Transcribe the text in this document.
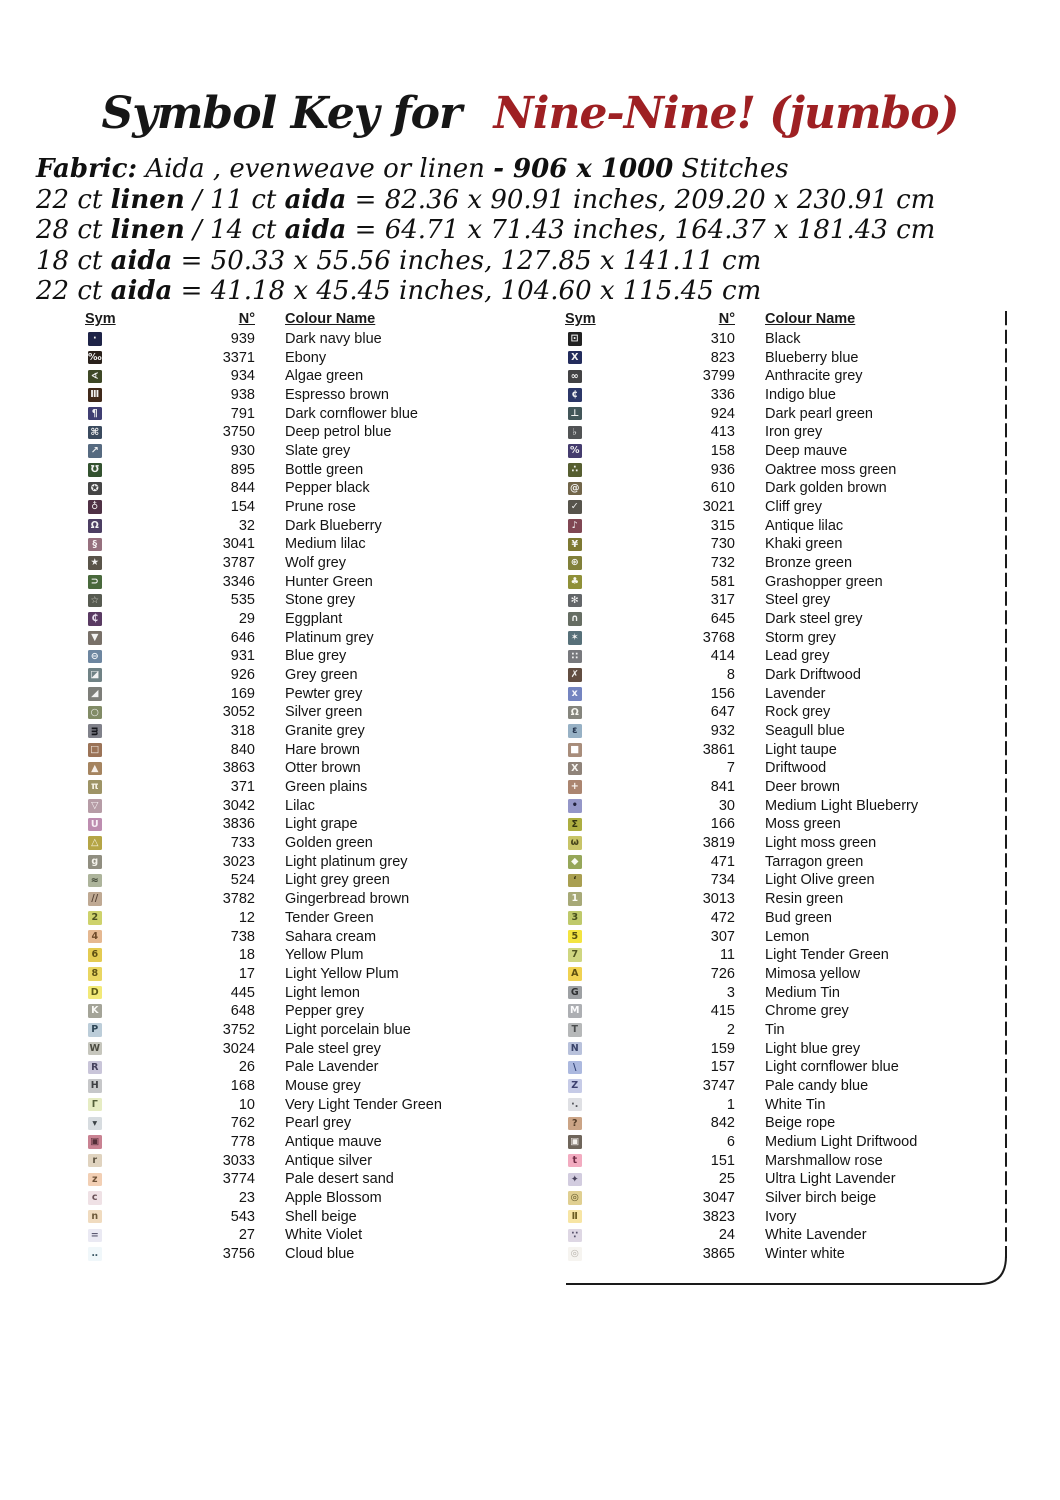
Symbol Key for Nine-Nine! (jumbo)
Fabric: Aida , evenweave or linen - 906 x 1000 Stitches
22 ct linen / 11 ct aida = 82.36 x 90.91 inches, 209.20 x 230.91 cm
28 ct linen / 14 ct aida = 64.71 x 71.43 inches, 164.37 x 181.43 cm
18 ct aida = 50.33 x 55.56 inches, 127.85 x 141.11 cm
22 ct aida = 41.18 x 45.45 inches, 104.60 x 115.45 cm
Sym	N° Colour Name
·	939 Dark navy blue
‰	3371 Ebony
∢	934 Algae green
Ⅲ	938 Espresso brown
¶	791 Dark cornflower blue
⌘	3750 Deep petrol blue
↗	930 Slate grey
℧	895 Bottle green
✪	844 Pepper black
♁	154 Prune rose
Ω	32 Dark Blueberry
§	3041 Medium lilac
★	3787 Wolf grey
⊃	3346 Hunter Green
☆	535 Stone grey
₵	29 Eggplant
▼	646 Platinum grey
⊖	931 Blue grey
◪	926 Grey green
◢	169 Pewter grey
○	3052 Silver green
ᴟ	318 Granite grey
□	840 Hare brown
▲	3863 Otter brown
π	371 Green plains
▽	3042 Lilac
U	3836 Light grape
△	733 Golden green
g	3023 Light platinum grey
≈	524 Light grey green
//	3782 Gingerbread brown
2	12 Tender Green
4	738 Sahara cream
6	18 Yellow Plum
8	17 Light Yellow Plum
D	445 Light lemon
K	648 Pepper grey
P	3752 Light porcelain blue
W	3024 Pale steel grey
R	26 Pale Lavender
H	168 Mouse grey
Γ	10 Very Light Tender Green
▾	762 Pearl grey
▣	778 Antique mauve
r	3033 Antique silver
z	3774 Pale desert sand
c	23 Apple Blossom
n	543 Shell beige
=	27 White Violet
‥	3756 Cloud blue
Sym	N° Colour Name
⊡	310 Black
X	823 Blueberry blue
∞	3799 Anthracite grey
¢	336 Indigo blue
⊥	924 Dark pearl green
♭	413 Iron grey
%	158 Deep mauve
∴	936 Oaktree moss green
@	610 Dark golden brown
✓	3021 Cliff grey
♪	315 Antique lilac
¥	730 Khaki green
⊛	732 Bronze green
♣	581 Grashopper green
✻	317 Steel grey
∩	645 Dark steel grey
✶	3768 Storm grey
∷	414 Lead grey
✗	8 Dark Driftwood
x	156 Lavender
Ω	647 Rock grey
ε	932 Seagull blue
■	3861 Light taupe
Ⅹ	7 Driftwood
+	841 Deer brown
•	30 Medium Light Blueberry
Σ	166 Moss green
ω	3819 Light moss green
◆	471 Tarragon green
ʻ	734 Light Olive green
1	3013 Resin green
3	472 Bud green
5	307 Lemon
7	11 Light Tender Green
A	726 Mimosa yellow
G	3 Medium Tin
M	415 Chrome grey
T	2 Tin
N	159 Light blue grey
\	157 Light cornflower blue
Z	3747 Pale candy blue
·.	1 White Tin
?	842 Beige rope
▣	6 Medium Light Driftwood
t	151 Marshmallow rose
✦	25 Ultra Light Lavender
◎	3047 Silver birch beige
Ⅱ	3823 Ivory
∵	24 White Lavender
◎	3865 Winter white
